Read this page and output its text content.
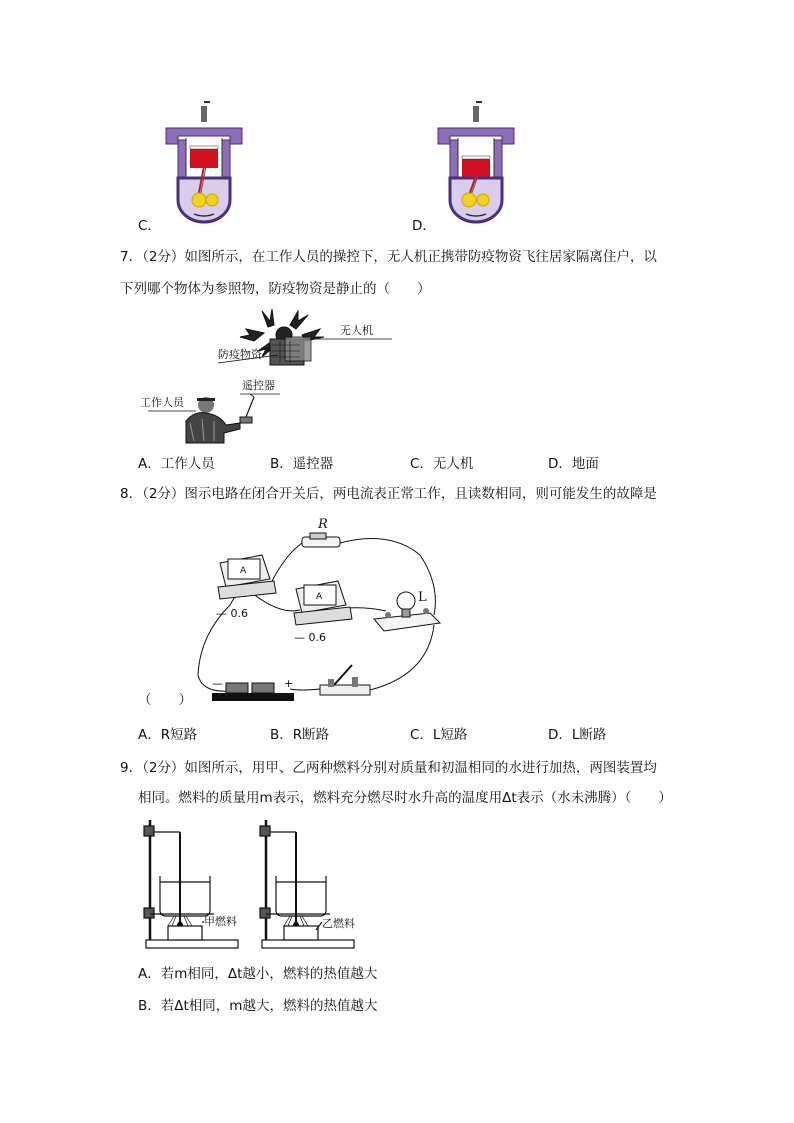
C．	D．
7．（2分）如图所示，在工作人员的操控下，无人机正携带防疫物资飞往居家隔离住户，以
下列哪个物体为参照物，防疫物资是静止的（　　）
无人机
防疫物资
遥控器
工作人员
A．工作人员	B．遥控器	C．无人机	D．地面
8．（2分）图示电路在闭合开关后，两电流表正常工作，且读数相同，则可能发生的故障是
（　　）
R
A
— 0.6
A
— 0.6
L
—	+
A．R短路	B．R断路	C．L短路	D．L断路
9．（2分）如图所示，用甲、乙两种燃料分别对质量和初温相同的水进行加热，两图装置均
相同。燃料的质量用m表示，燃料充分燃尽时水升高的温度用Δt表示（水未沸腾）（　　）
甲燃料	乙燃料
A．若m相同，Δt越小，燃料的热值越大
B．若Δt相同，m越大，燃料的热值越大
